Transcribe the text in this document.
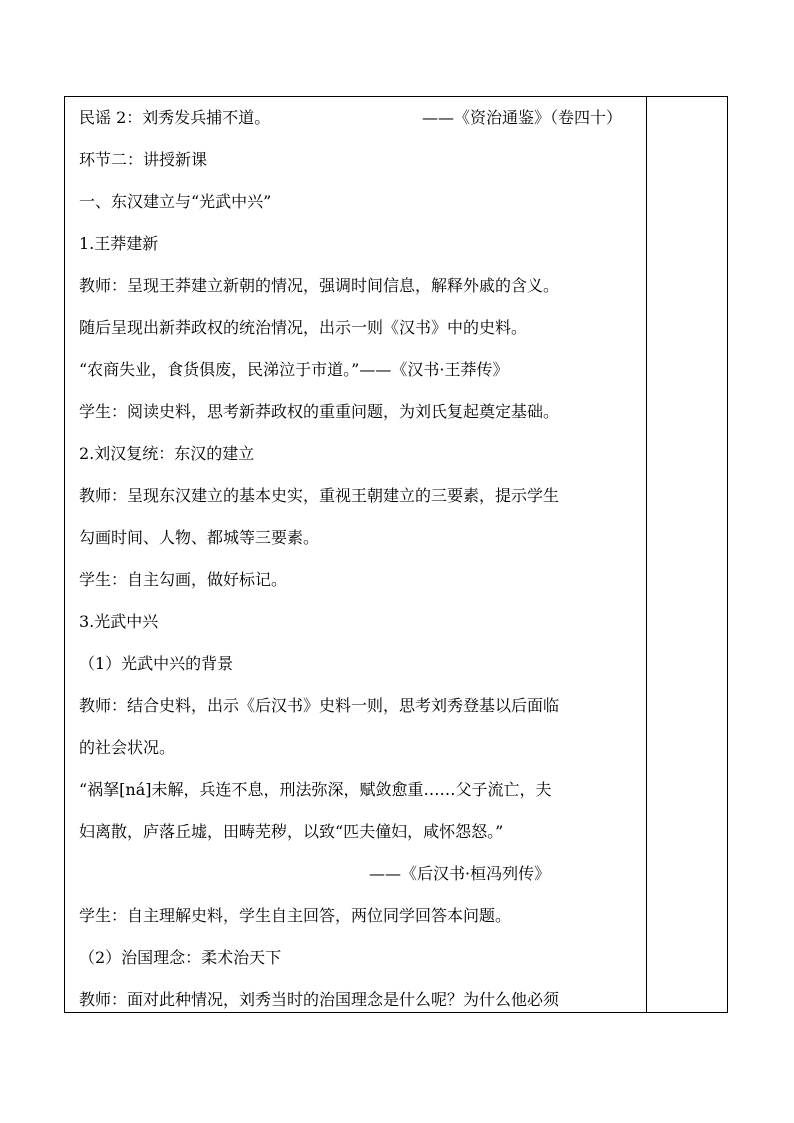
民谣 2：刘秀发兵捕不道。	——《资治通鉴》（卷四十）
环节二：讲授新课
一、东汉建立与“光武中兴”
1.王莽建新
教师：呈现王莽建立新朝的情况，强调时间信息，解释外戚的含义。
随后呈现出新莽政权的统治情况，出示一则《汉书》中的史料。
“农商失业，食货俱废，民涕泣于市道。”——《汉书·王莽传》
学生：阅读史料，思考新莽政权的重重问题，为刘氏复起奠定基础。
2.刘汉复统：东汉的建立
教师：呈现东汉建立的基本史实，重视王朝建立的三要素，提示学生
勾画时间、人物、都城等三要素。
学生：自主勾画，做好标记。
3.光武中兴
（1）光武中兴的背景
教师：结合史料，出示《后汉书》史料一则，思考刘秀登基以后面临
的社会状况。
“祸拏[ná]未解，兵连不息，刑法弥深，赋敛愈重……父子流亡，夫
妇离散，庐落丘墟，田畴芜秽，以致“匹夫僮妇，咸怀怨怒。”
——《后汉书·桓冯列传》
学生：自主理解史料，学生自主回答，两位同学回答本问题。
（2）治国理念：柔术治天下
教师：面对此种情况，刘秀当时的治国理念是什么呢？为什么他必须
